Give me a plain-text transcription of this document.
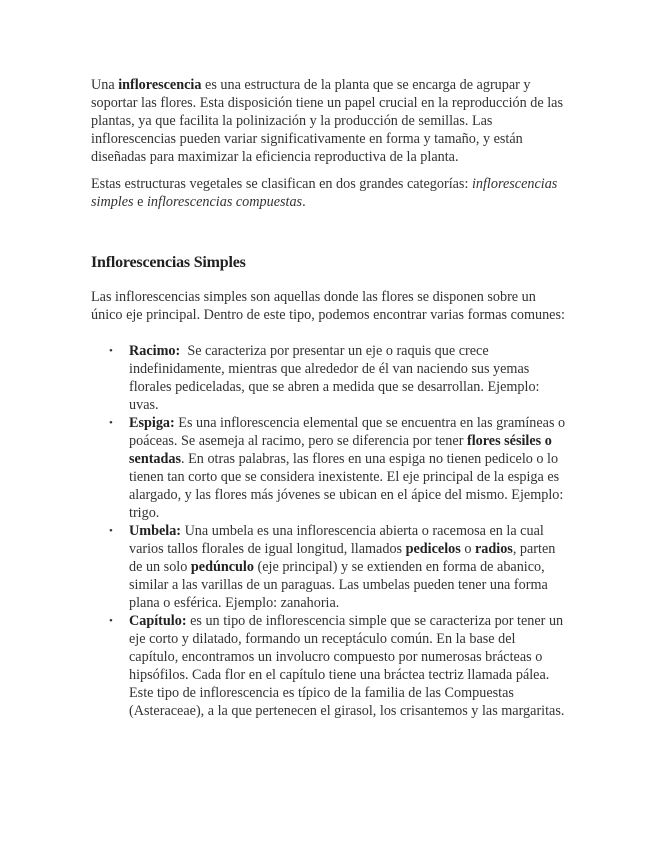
Una inflorescencia es una estructura de la planta que se encarga de agrupar y soportar las flores. Esta disposición tiene un papel crucial en la reproducción de las plantas, ya que facilita la polinización y la producción de semillas. Las inflorescencias pueden variar significativamente en forma y tamaño, y están diseñadas para maximizar la eficiencia reproductiva de la planta.

Estas estructuras vegetales se clasifican en dos grandes categorías: inflorescencias simples e inflorescencias compuestas.

Inflorescencias Simples

Las inflorescencias simples son aquellas donde las flores se disponen sobre un único eje principal. Dentro de este tipo, podemos encontrar varias formas comunes:

• Racimo:  Se caracteriza por presentar un eje o raquis que crece indefinidamente, mientras que alrededor de él van naciendo sus yemas florales pediceladas, que se abren a medida que se desarrollan. Ejemplo: uvas.
• Espiga: Es una inflorescencia elemental que se encuentra en las gramíneas o poáceas. Se asemeja al racimo, pero se diferencia por tener flores sésiles o sentadas. En otras palabras, las flores en una espiga no tienen pedicelo o lo tienen tan corto que se considera inexistente. El eje principal de la espiga es alargado, y las flores más jóvenes se ubican en el ápice del mismo. Ejemplo: trigo.
• Umbela: Una umbela es una inflorescencia abierta o racemosa en la cual varios tallos florales de igual longitud, llamados pedicelos o radios, parten de un solo pedúnculo (eje principal) y se extienden en forma de abanico, similar a las varillas de un paraguas. Las umbelas pueden tener una forma plana o esférica. Ejemplo: zanahoria.
• Capítulo: es un tipo de inflorescencia simple que se caracteriza por tener un eje corto y dilatado, formando un receptáculo común. En la base del capítulo, encontramos un involucro compuesto por numerosas brácteas o hipsófilos. Cada flor en el capítulo tiene una bráctea tectriz llamada pálea. Este tipo de inflorescencia es típico de la familia de las Compuestas (Asteraceae), a la que pertenecen el girasol, los crisantemos y las margaritas.
